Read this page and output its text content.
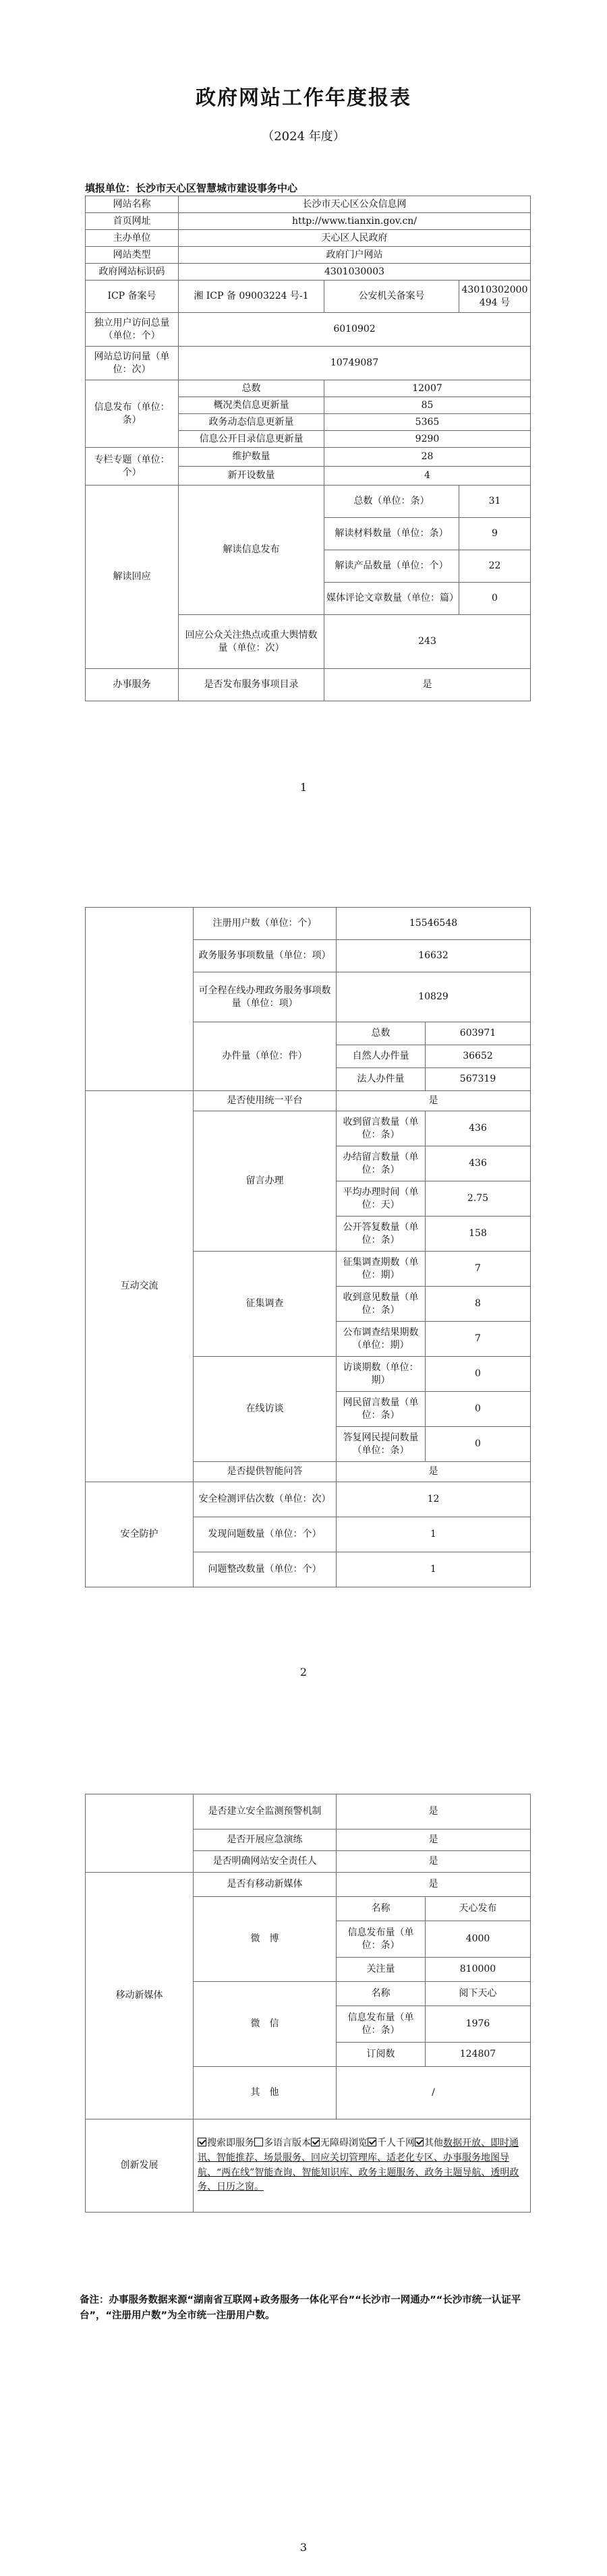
政府网站工作年度报表
（2024 年度）
填报单位：长沙市天心区智慧城市建设事务中心
网站名称	长沙市天心区公众信息网		
首页网址	http://www.tianxin.gov.cn/		
主办单位	天心区人民政府		
网站类型	政府门户网站		
政府网站标识码	4301030003		
ICP 备案号	湘 ICP 备 09003224 号-1	公安机关备案号	43010302000494 号
独立用户访问总量（单位：个）	6010902		
网站总访问量（单位：次）	10749087		
信息发布（单位：条）	总数	12007	
	概况类信息更新量	85	
	政务动态信息更新量	5365	
	信息公开目录信息更新量	9290	
专栏专题（单位：个）	维护数量	28	
	新开设数量	4	
解读回应	解读信息发布	总数（单位：条）	31
		解读材料数量（单位：条）	9
		解读产品数量（单位：个）	22
		媒体评论文章数量（单位：篇）	0
	回应公众关注热点或重大舆情数量（单位：次）	243	
办事服务	是否发布服务事项目录	是	
1
	注册用户数（单位：个）	15546548	
	政务服务事项数量（单位：项）	16632	
	可全程在线办理政务服务事项数量（单位：项）	10829	
	办件量（单位：件）	总数	603971
		自然人办件量	36652
		法人办件量	567319
互动交流	是否使用统一平台	是	
	留言办理	收到留言数量（单位：条）	436
		办结留言数量（单位：条）	436
		平均办理时间（单位：天）	2.75
		公开答复数量（单位：条）	158
	征集调查	征集调查期数（单位：期）	7
		收到意见数量（单位：条）	8
		公布调查结果期数（单位：期）	7
	在线访谈	访谈期数（单位：期）	0
		网民留言数量（单位：条）	0
		答复网民提问数量（单位：条）	0
	是否提供智能问答	是	
安全防护	安全检测评估次数（单位：次）	12	
	发现问题数量（单位：个）	1	
	问题整改数量（单位：个）	1	
2
	是否建立安全监测预警机制	是	
	是否开展应急演练	是	
	是否明确网站安全责任人	是	
移动新媒体	是否有移动新媒体	是	
	微　博	名称	天心发布
		信息发布量（单位：条）	4000
		关注量	810000
	微　信	名称	阅下天心
		信息发布量（单位：条）	1976
		订阅数	124807
	其　他	/	
创新发展	搜索即服务 多语言版本 无障碍浏览 千人千网 其他数据开放、即时通讯、智能推荐、场景服务、回应关切管理库、适老化专区、办事服务地图导航、“两在线”智能查询、智能知识库、政务主题服务、政务主题导航、透明政务、日历之窗。		
备注：办事服务数据来源“湖南省互联网+政务服务一体化平台”“长沙市一网通办”“长沙市统一认证平台”，“注册用户数”为全市统一注册用户数。
3
